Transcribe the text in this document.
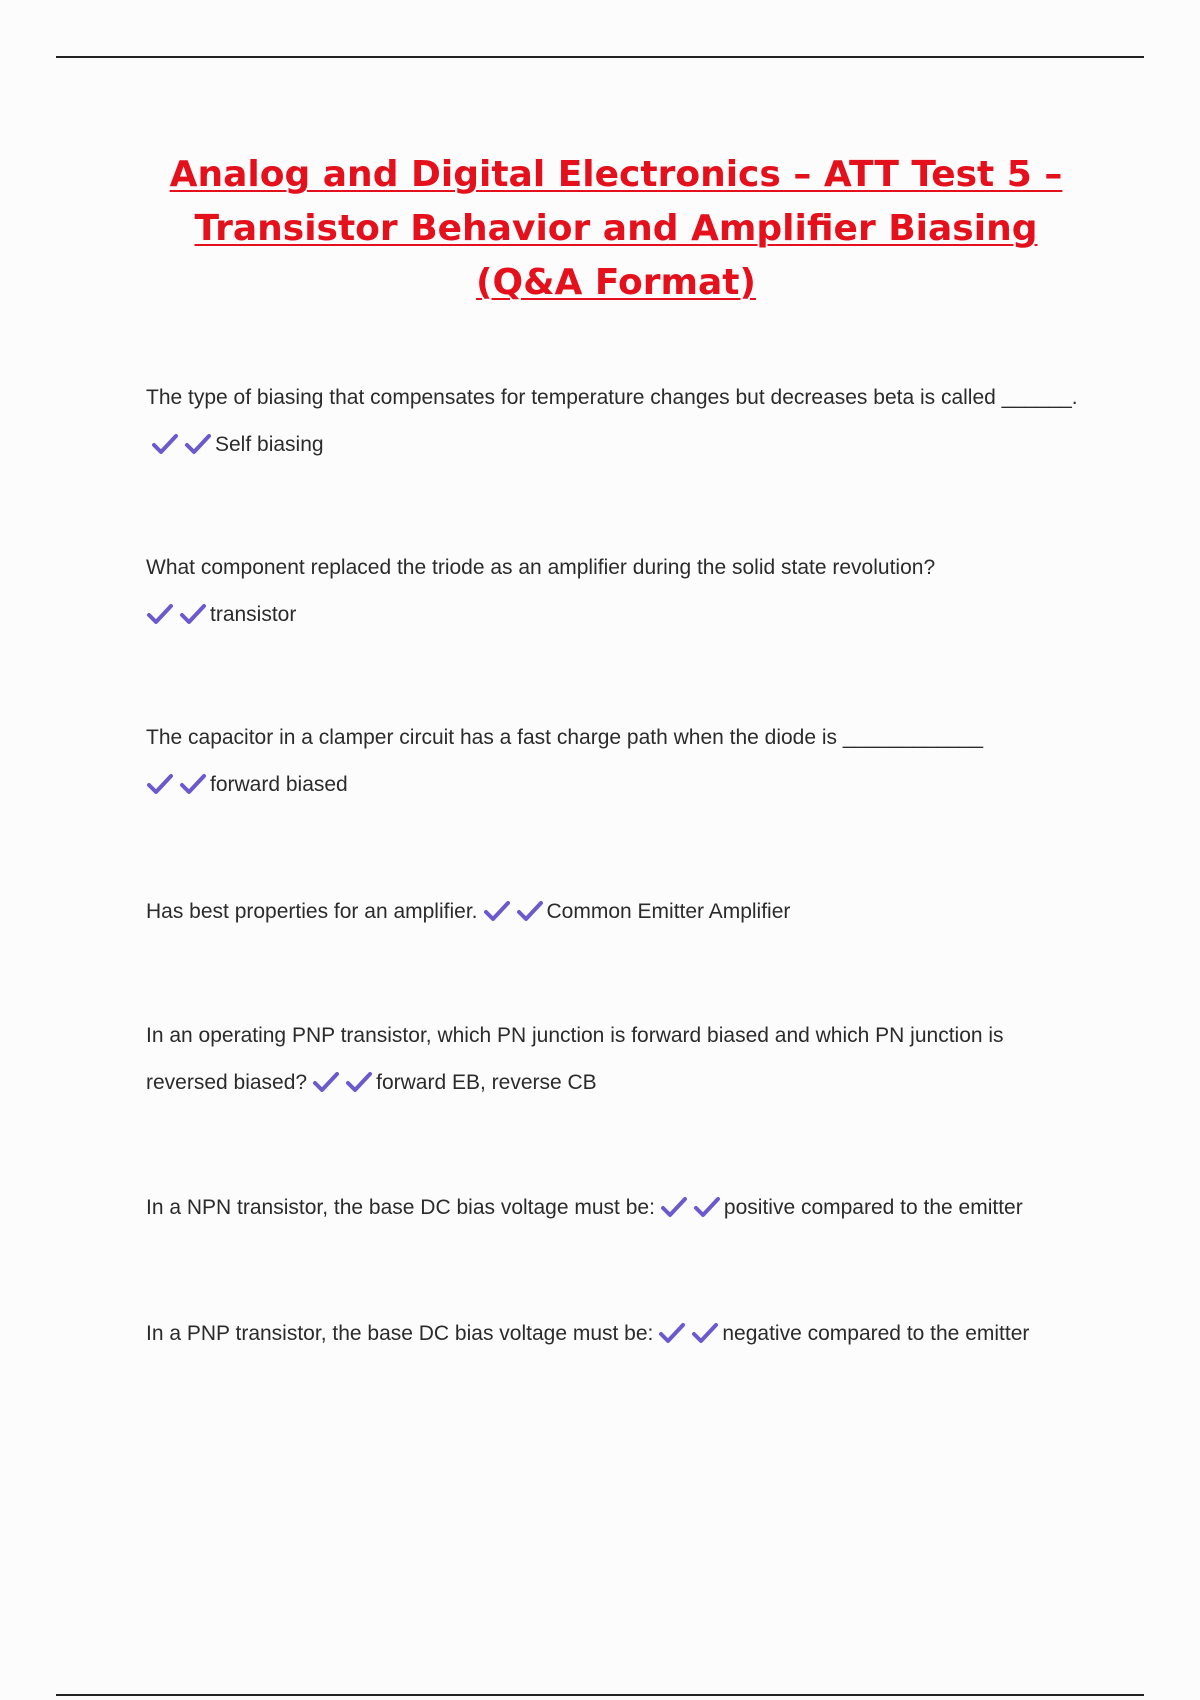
Analog and Digital Electronics – ATT Test 5 – Transistor Behavior and Amplifier Biasing (Q&A Format)
The type of biasing that compensates for temperature changes but decreases beta is called ______.
Self biasing
What component replaced the triode as an amplifier during the solid state revolution?

transistor
The capacitor in a clamper circuit has a fast charge path when the diode is ____________

forward biased
Has best properties for an amplifier.	Common Emitter Amplifier
In an operating PNP transistor, which PN junction is forward biased and which PN junction is reversed biased?	forward EB, reverse CB
In a NPN transistor, the base DC bias voltage must be:	positive compared to the emitter
In a PNP transistor, the base DC bias voltage must be:	negative compared to the emitter
